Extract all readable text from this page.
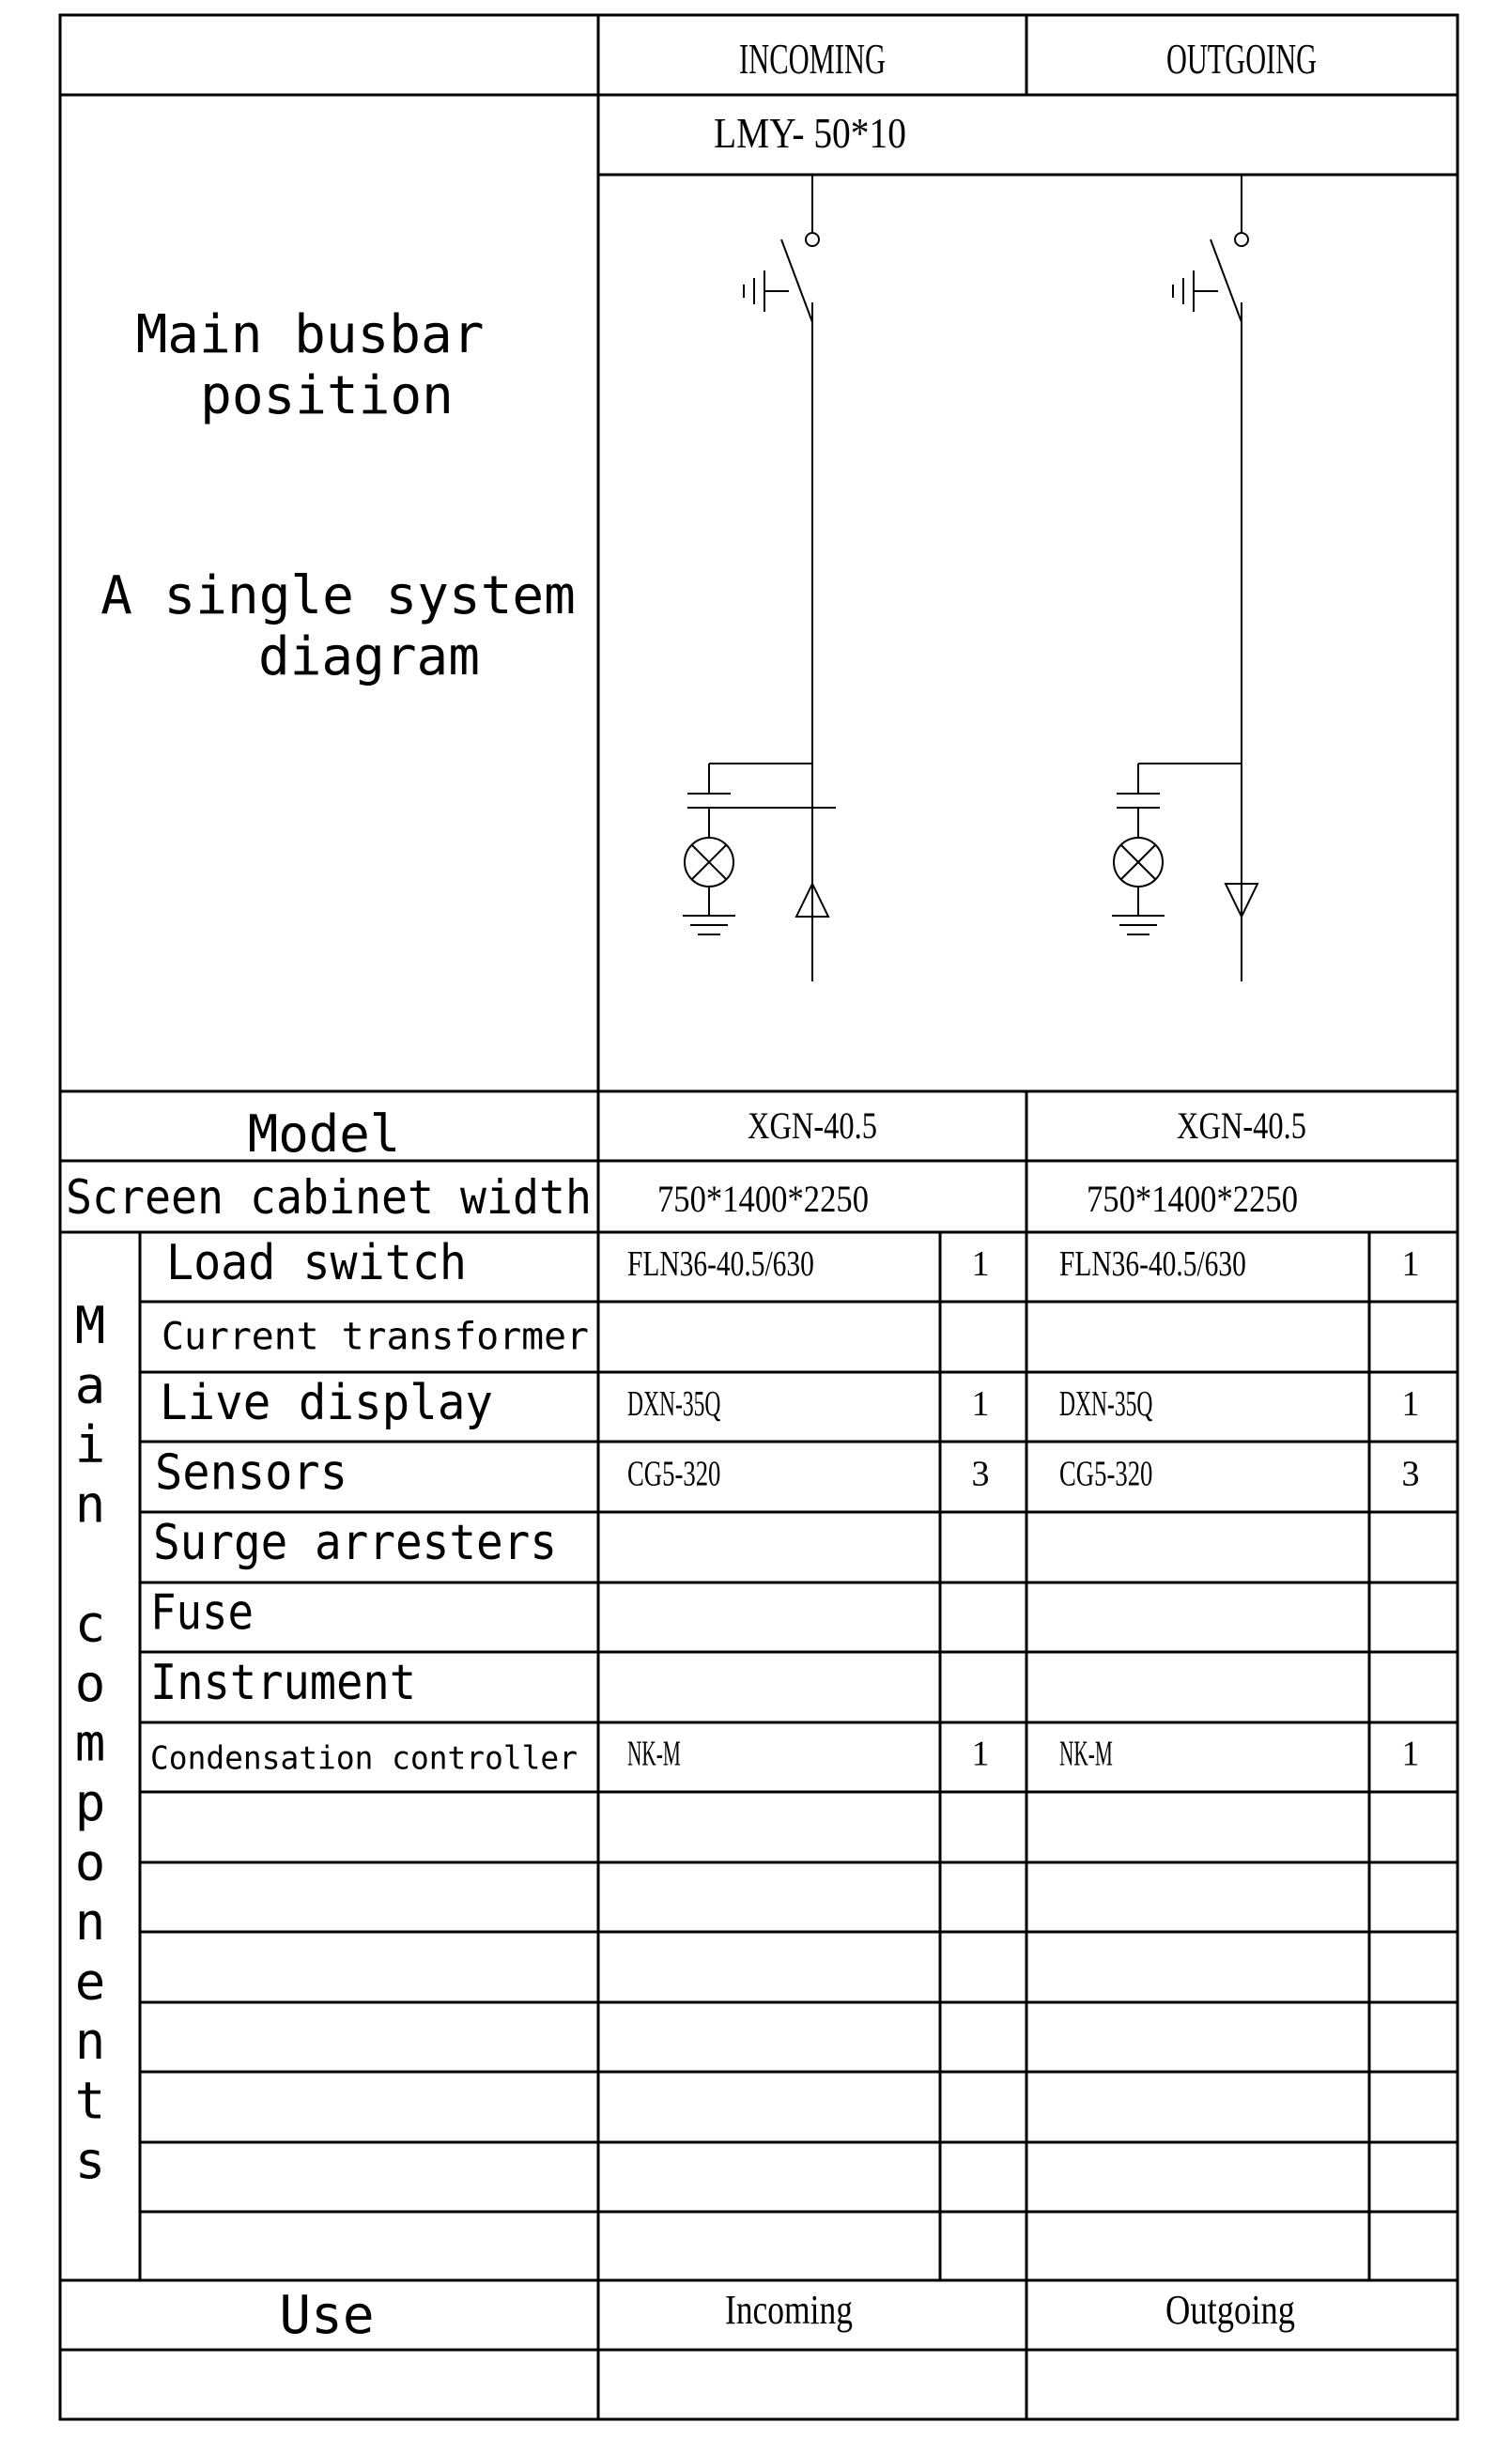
INCOMING	OUTGOING
LMY- 50*10
Main busbar
position
A single system
diagram
Model	XGN-40.5	XGN-40.5
Screen cabinet width 750*1400*2250	750*1400*2250
M
a
i
n
c
o
m
p
o
n
e
n
t
s
Load switch	FLN36-40.5/630	1 FLN36-40.5/630	1
Current transformer
Live display	DXN-35Q	1 DXN-35Q	1
Sensors	CG5-320	3 CG5-320	3
Surge arresters
Fuse
Instrument
Condensation controller NK-M	1 NK-M	1
Use	Incoming	Outgoing
